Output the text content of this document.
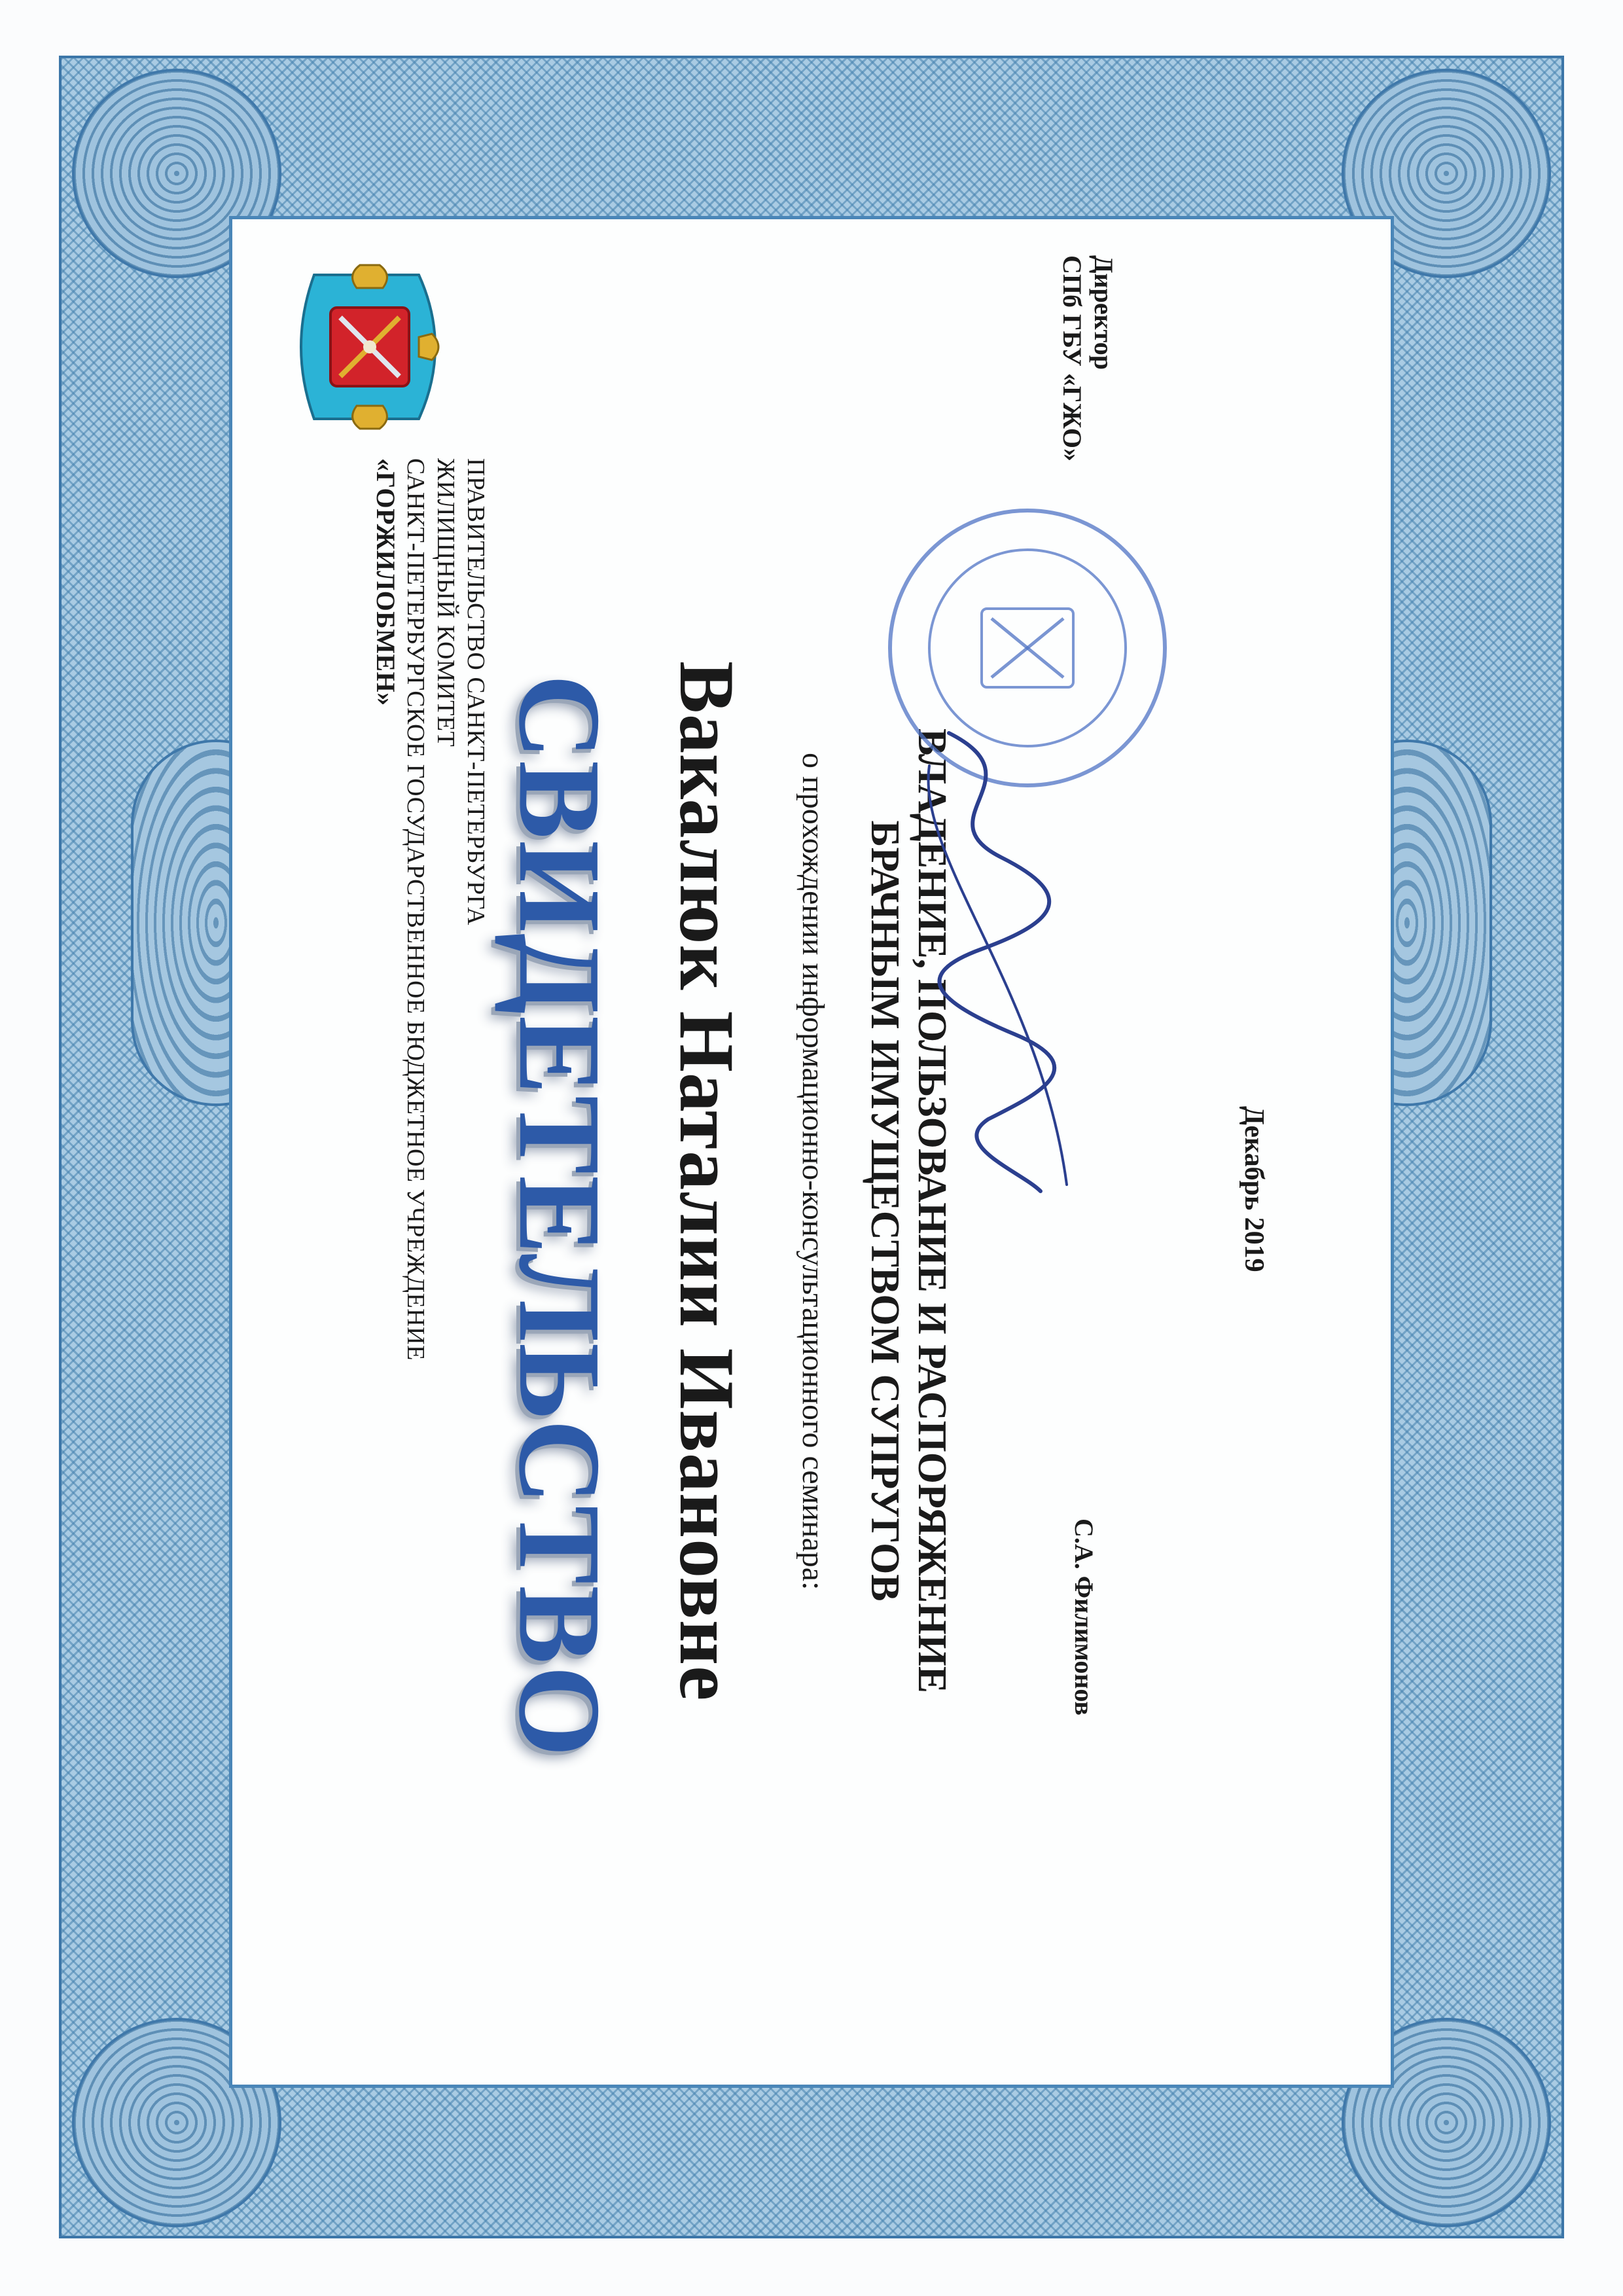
ПРАВИТЕЛЬСТВО САНКТ-ПЕТЕРБУРГА
ЖИЛИЩНЫЙ КОМИТЕТ
САНКТ-ПЕТЕРБУРГСКОЕ ГОСУДАРСТВЕННОЕ БЮДЖЕТНОЕ УЧРЕЖДЕНИЕ
«ГОРЖИЛОБМЕН»
СВИДЕТЕЛЬСТВО Вакалюк Наталии Ивановне о прохождении информационно-консультационного семинара: ВЛАДЕНИЕ, ПОЛЬЗОВАНИЕ И РАСПОРЯЖЕНИЕ
БРАЧНЫМ ИМУЩЕСТВОМ СУПРУГОВ
С.А. Филимонов
Директор
СПб ГБУ «ГЖО»
Декабрь 2019
